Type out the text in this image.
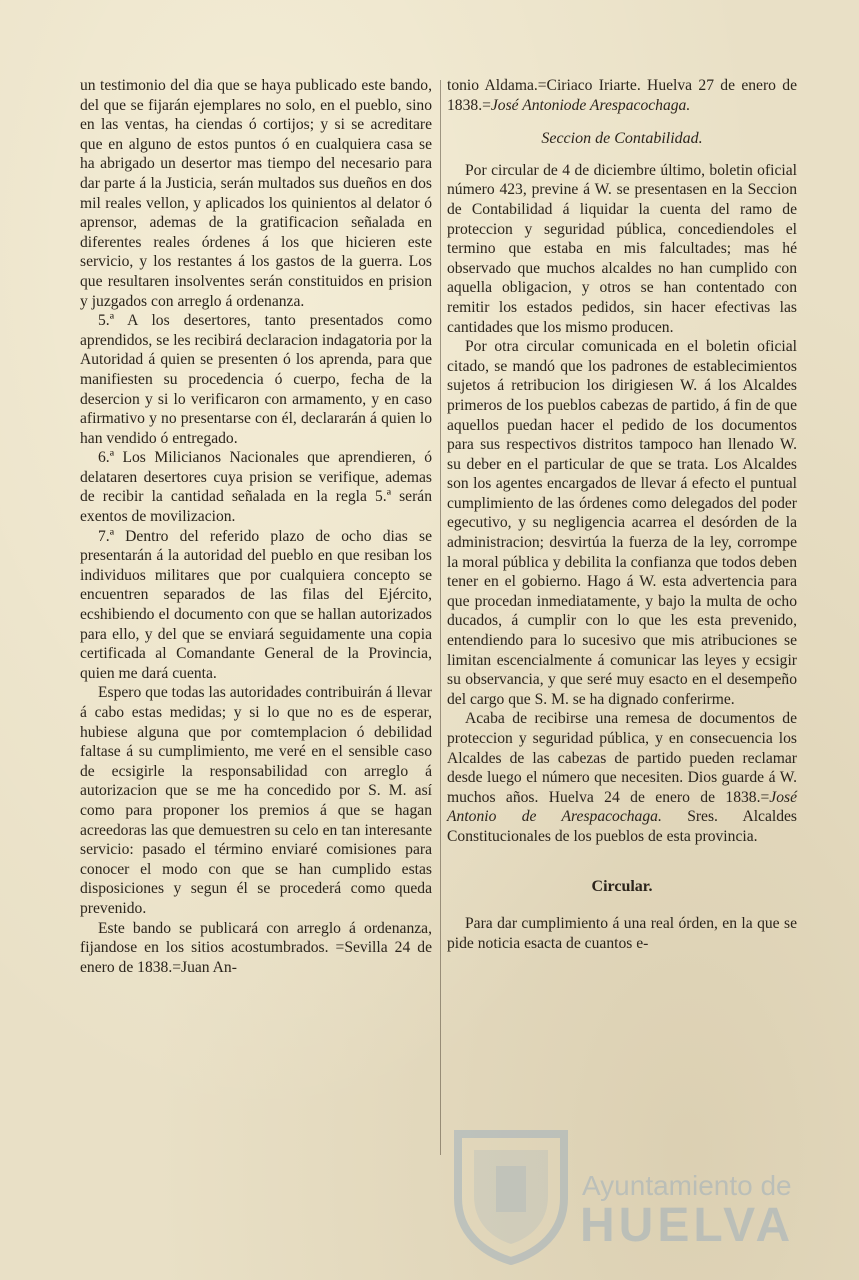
un testimonio del dia que se haya publicado este bando, del que se fijarán ejemplares no solo, en el pueblo, sino en las ventas, ha ciendas ó cortijos; y si se acreditare que en alguno de estos puntos ó en cualquiera casa se ha abrigado un desertor mas tiempo del necesario para dar parte á la Justicia, serán multados sus dueños en dos mil reales vellon, y aplicados los quinientos al delator ó aprensor, ademas de la gratificacion señalada en diferentes reales órdenes á los que hicieren este servicio, y los restantes á los gastos de la guerra. Los que resultaren insolventes serán constituidos en prision y juzgados con arreglo á ordenanza.

5.ª A los desertores, tanto presentados como aprendidos, se les recibirá declaracion indagatoria por la Autoridad á quien se presenten ó los aprenda, para que manifiesten su procedencia ó cuerpo, fecha de la desercion y si lo verificaron con armamento, y en caso afirmativo y no presentarse con él, declararán á quien lo han vendido ó entregado.

6.ª Los Milicianos Nacionales que aprendieren, ó delataren desertores cuya prision se verifique, ademas de recibir la cantidad señalada en la regla 5.ª serán exentos de movilizacion.

7.ª Dentro del referido plazo de ocho dias se presentarán á la autoridad del pueblo en que resiban los individuos militares que por cualquiera concepto se encuentren separados de las filas del Ejército, ecshibiendo el documento con que se hallan autorizados para ello, y del que se enviará seguidamente una copia certificada al Comandante General de la Provincia, quien me dará cuenta.

Espero que todas las autoridades contribuirán á llevar á cabo estas medidas; y si lo que no es de esperar, hubiese alguna que por comtemplacion ó debilidad faltase á su cumplimiento, me veré en el sensible caso de ecsigirle la responsabilidad con arreglo á autorizacion que se me ha concedido por S. M. así como para proponer los premios á que se hagan acreedoras las que demuestren su celo en tan interesante servicio: pasado el término enviaré comisiones para conocer el modo con que se han cumplido estas disposiciones y segun él se procederá como queda prevenido.

Este bando se publicará con arreglo á ordenanza, fijandose en los sitios acostumbrados. =Sevilla 24 de enero de 1838.=Juan An-

tonio Aldama.=Ciriaco Iriarte. Huelva 27 de enero de 1838.=José Antoniode Arespacochaga.

Seccion de Contabilidad.

Por circular de 4 de diciembre último, boletin oficial número 423, previne á W. se presentasen en la Seccion de Contabilidad á liquidar la cuenta del ramo de proteccion y seguridad pública, concediendoles el termino que estaba en mis falcultades; mas hé observado que muchos alcaldes no han cumplido con aquella obligacion, y otros se han contentado con remitir los estados pedidos, sin hacer efectivas las cantidades que los mismo producen.

Por otra circular comunicada en el boletin oficial citado, se mandó que los padrones de establecimientos sujetos á retribucion los dirigiesen W. á los Alcaldes primeros de los pueblos cabezas de partido, á fin de que aquellos puedan hacer el pedido de los documentos para sus respectivos distritos tampoco han llenado W. su deber en el particular de que se trata. Los Alcaldes son los agentes encargados de llevar á efecto el puntual cumplimiento de las órdenes como delegados del poder egecutivo, y su negligencia acarrea el desórden de la administracion; desvirtúa la fuerza de la ley, corrompe la moral pública y debilita la confianza que todos deben tener en el gobierno. Hago á W. esta advertencia para que procedan inmediatamente, y bajo la multa de ocho ducados, á cumplir con lo que les esta prevenido, entendiendo para lo sucesivo que mis atribuciones se limitan escencialmente á comunicar las leyes y ecsigir su observancia, y que seré muy esacto en el desempeño del cargo que S. M. se ha dignado conferirme.

Acaba de recibirse una remesa de documentos de proteccion y seguridad pública, y en consecuencia los Alcaldes de las cabezas de partido pueden reclamar desde luego el número que necesiten. Dios guarde á W. muchos años. Huelva 24 de enero de 1838.=José Antonio de Arespacochaga. Sres. Alcaldes Constitucionales de los pueblos de esta provincia.

Circular.

Para dar cumplimiento á una real órden, en la que se pide noticia esacta de cuantos e-

Ayuntamiento de
HUELVA
